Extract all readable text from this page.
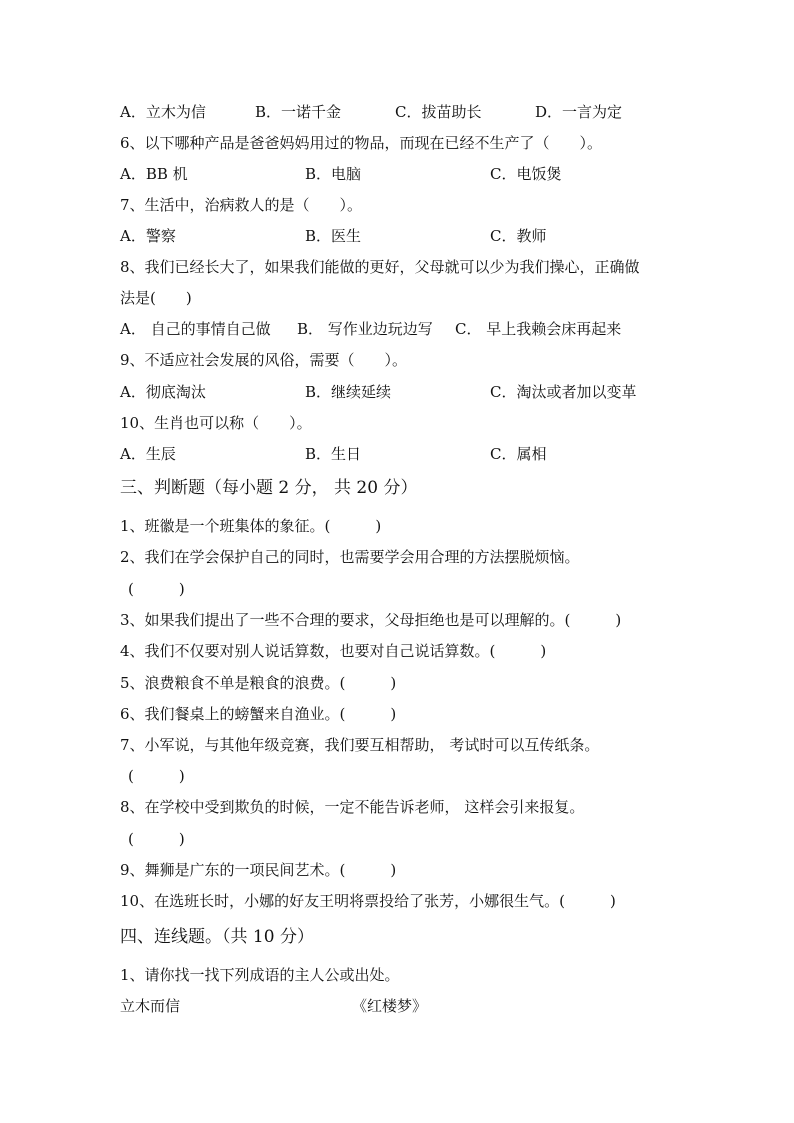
A．立木为信	B．一诺千金	C．拔苗助长	D．一言为定
6、以下哪种产品是爸爸妈妈用过的物品，而现在已经不生产了（　　）。
A．BB 机	B．电脑	C．电饭煲
7、生活中，治病救人的是（　　）。
A．警察	B．医生	C．教师
8、我们已经长大了，如果我们能做的更好，父母就可以少为我们操心，正确做
法是(　　)
A． 自己的事情自己做 B． 写作业边玩边写 C． 早上我赖会床再起来
9、不适应社会发展的风俗，需要（　　）。
A．彻底淘汰	B．继续延续	C．淘汰或者加以变革
10、生肖也可以称（　　）。
A．生辰	B．生日	C．属相
三、判断题（每小题 2 分， 共 20 分）
1、班徽是一个班集体的象征。(　　　)
2、我们在学会保护自己的同时，也需要学会用合理的方法摆脱烦恼。
(　　　)
3、如果我们提出了一些不合理的要求，父母拒绝也是可以理解的。(　　　)
4、我们不仅要对别人说话算数，也要对自己说话算数。(　　　)
5、浪费粮食不单是粮食的浪费。(　　　)
6、我们餐桌上的螃蟹来自渔业。(　　　)
7、小军说，与其他年级竞赛，我们要互相帮助， 考试时可以互传纸条。
(　　　)
8、在学校中受到欺负的时候，一定不能告诉老师， 这样会引来报复。
(　　　)
9、舞狮是广东的一项民间艺术。(　　　)
10、在选班长时，小娜的好友王明将票投给了张芳，小娜很生气。(　　　)
四、连线题。（共 10 分）
1、请你找一找下列成语的主人公或出处。
立木而信	《红楼梦》
